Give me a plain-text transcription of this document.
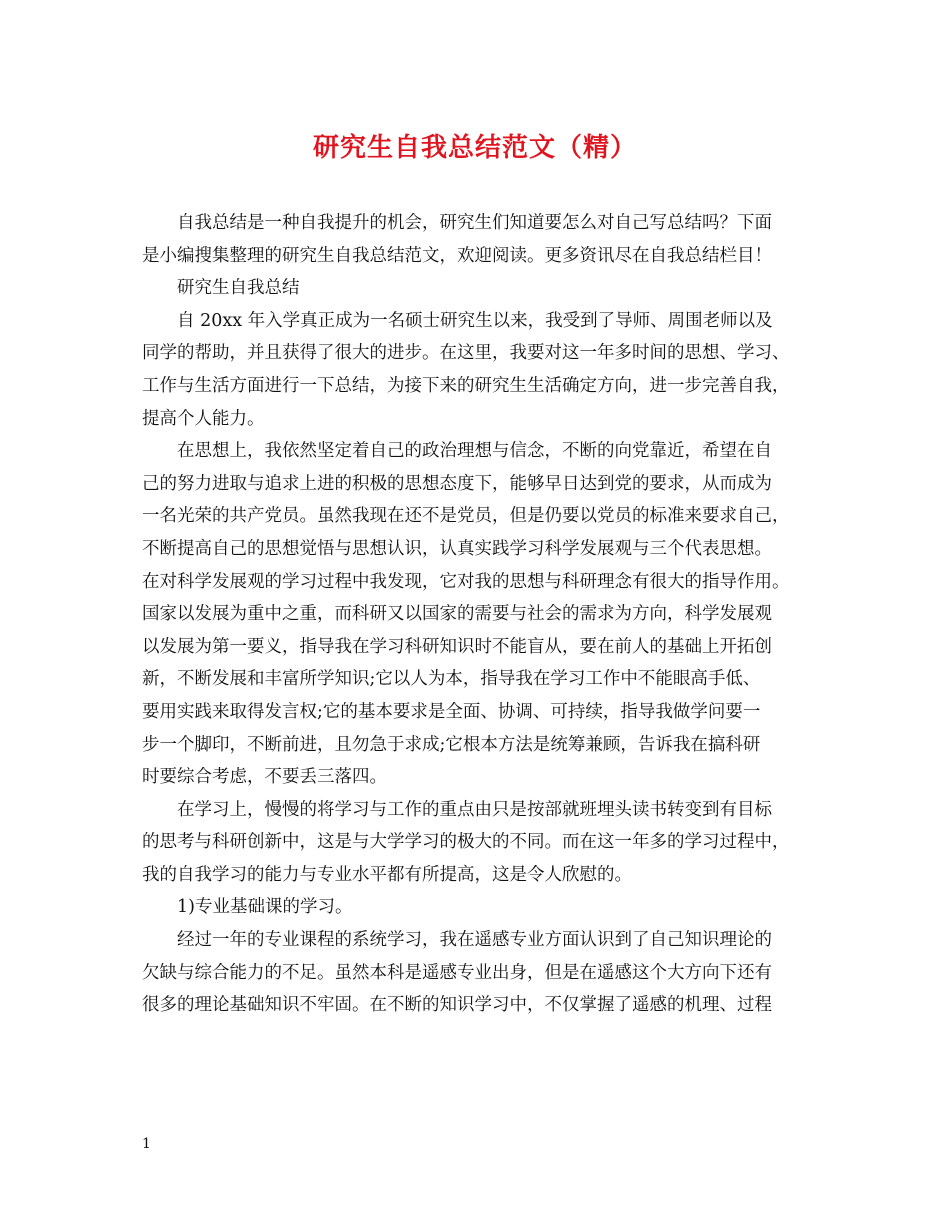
研究生自我总结范文（精）

自我总结是一种自我提升的机会，研究生们知道要怎么对自己写总结吗？下面

是小编搜集整理的研究生自我总结范文，欢迎阅读。更多资讯尽在自我总结栏目！

研究生自我总结

自 20xx 年入学真正成为一名硕士研究生以来，我受到了导师、周围老师以及

同学的帮助，并且获得了很大的进步。在这里，我要对这一年多时间的思想、学习、

工作与生活方面进行一下总结，为接下来的研究生生活确定方向，进一步完善自我，

提高个人能力。

在思想上，我依然坚定着自己的政治理想与信念，不断的向党靠近，希望在自

己的努力进取与追求上进的积极的思想态度下，能够早日达到党的要求，从而成为

一名光荣的共产党员。虽然我现在还不是党员，但是仍要以党员的标准来要求自己，

不断提高自己的思想觉悟与思想认识，认真实践学习科学发展观与三个代表思想。

在对科学发展观的学习过程中我发现，它对我的思想与科研理念有很大的指导作用。

国家以发展为重中之重，而科研又以国家的需要与社会的需求为方向，科学发展观

以发展为第一要义，指导我在学习科研知识时不能盲从，要在前人的基础上开拓创

新，不断发展和丰富所学知识;它以人为本，指导我在学习工作中不能眼高手低、

要用实践来取得发言权;它的基本要求是全面、协调、可持续，指导我做学问要一

步一个脚印，不断前进，且勿急于求成;它根本方法是统筹兼顾，告诉我在搞科研

时要综合考虑，不要丢三落四。

在学习上，慢慢的将学习与工作的重点由只是按部就班埋头读书转变到有目标

的思考与科研创新中，这是与大学学习的极大的不同。而在这一年多的学习过程中，

我的自我学习的能力与专业水平都有所提高，这是令人欣慰的。

1)专业基础课的学习。

经过一年的专业课程的系统学习，我在遥感专业方面认识到了自己知识理论的

欠缺与综合能力的不足。虽然本科是遥感专业出身，但是在遥感这个大方向下还有

很多的理论基础知识不牢固。在不断的知识学习中，不仅掌握了遥感的机理、过程

1
